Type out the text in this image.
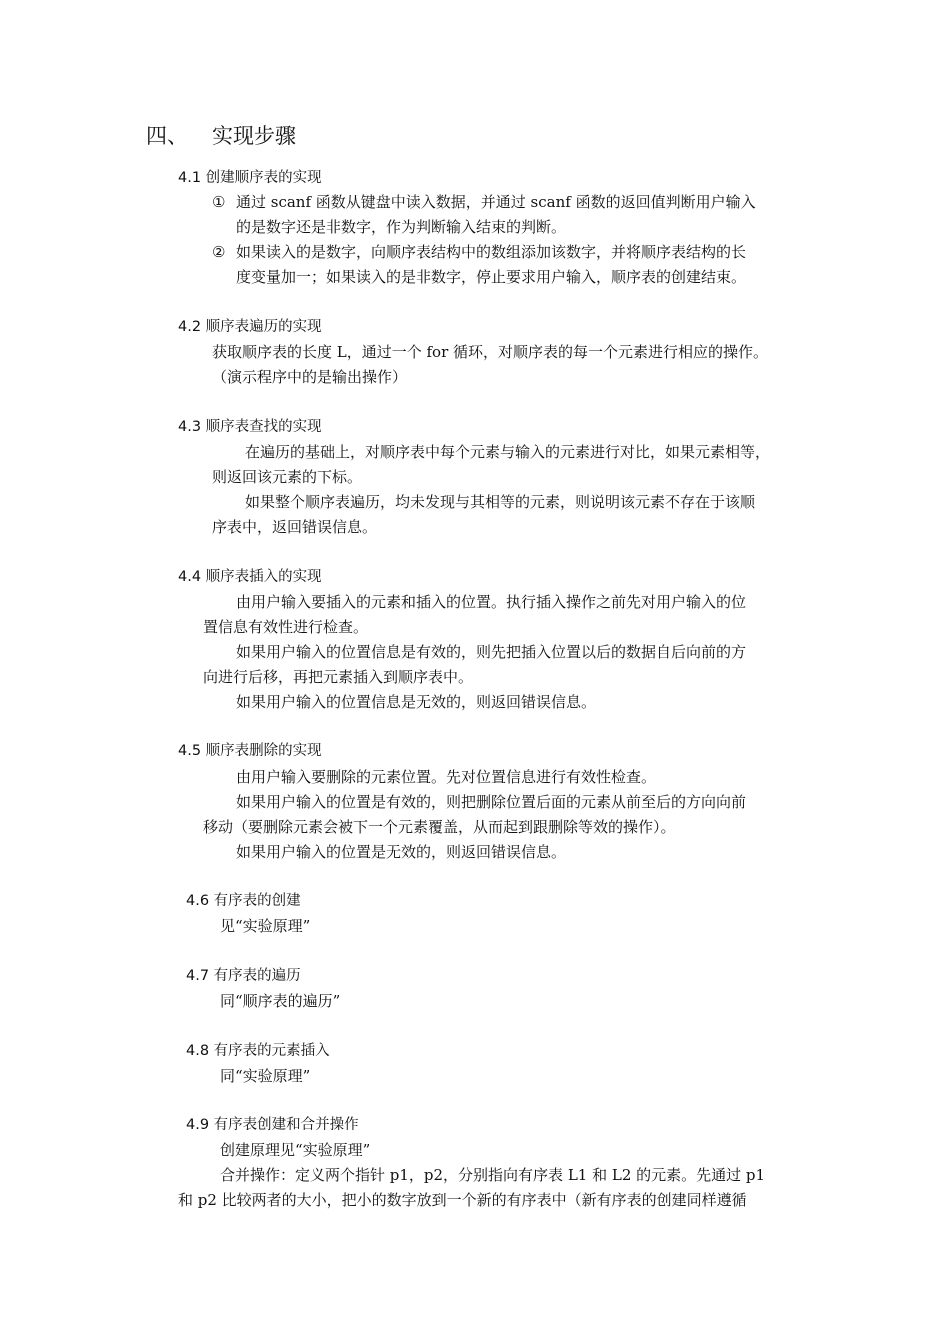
四、 实现步骤
4.1 创建顺序表的实现
① 通过 scanf 函数从键盘中读入数据，并通过 scanf 函数的返回值判断用户输入
的是数字还是非数字，作为判断输入结束的判断。
② 如果读入的是数字，向顺序表结构中的数组添加该数字，并将顺序表结构的长
度变量加一；如果读入的是非数字，停止要求用户输入，顺序表的创建结束。
4.2 顺序表遍历的实现
获取顺序表的长度 L，通过一个 for 循环，对顺序表的每一个元素进行相应的操作。
（演示程序中的是输出操作）
4.3 顺序表查找的实现
在遍历的基础上，对顺序表中每个元素与输入的元素进行对比，如果元素相等，
则返回该元素的下标。
如果整个顺序表遍历，均未发现与其相等的元素，则说明该元素不存在于该顺
序表中，返回错误信息。
4.4 顺序表插入的实现
由用户输入要插入的元素和插入的位置。执行插入操作之前先对用户输入的位
置信息有效性进行检查。
如果用户输入的位置信息是有效的，则先把插入位置以后的数据自后向前的方
向进行后移，再把元素插入到顺序表中。
如果用户输入的位置信息是无效的，则返回错误信息。
4.5 顺序表删除的实现
由用户输入要删除的元素位置。先对位置信息进行有效性检查。
如果用户输入的位置是有效的，则把删除位置后面的元素从前至后的方向向前
移动（要删除元素会被下一个元素覆盖，从而起到跟删除等效的操作）。
如果用户输入的位置是无效的，则返回错误信息。
4.6 有序表的创建
见“实验原理”
4.7 有序表的遍历
同“顺序表的遍历”
4.8 有序表的元素插入
同“实验原理”
4.9 有序表创建和合并操作
创建原理见“实验原理”
合并操作：定义两个指针 p1，p2，分别指向有序表 L1 和 L2 的元素。先通过 p1
和 p2 比较两者的大小，把小的数字放到一个新的有序表中（新有序表的创建同样遵循
